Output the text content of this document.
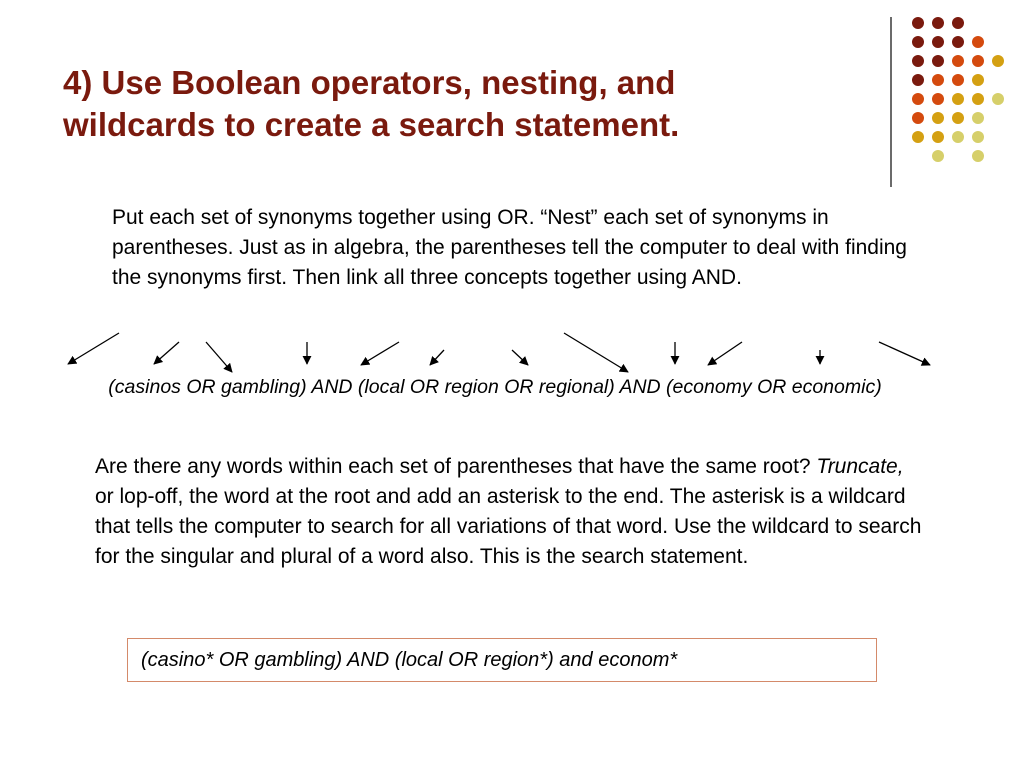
4) Use Boolean operators, nesting, and
wildcards to create a search statement.

Put each set of synonyms together using OR. “Nest” each set of synonyms in parentheses. Just as in algebra, the parentheses tell the computer to deal with finding the synonyms first. Then link all three concepts together using AND.

(casinos OR gambling) AND (local OR region OR regional) AND (economy OR economic)

Are there any words within each set of parentheses that have the same root? Truncate, or lop-off, the word at the root and add an asterisk to the end. The asterisk is a wildcard that tells the computer to search for all variations of that word. Use the wildcard to search for the singular and plural of a word also. This is the search statement.

(casino* OR gambling) AND (local OR region*) and econom*
